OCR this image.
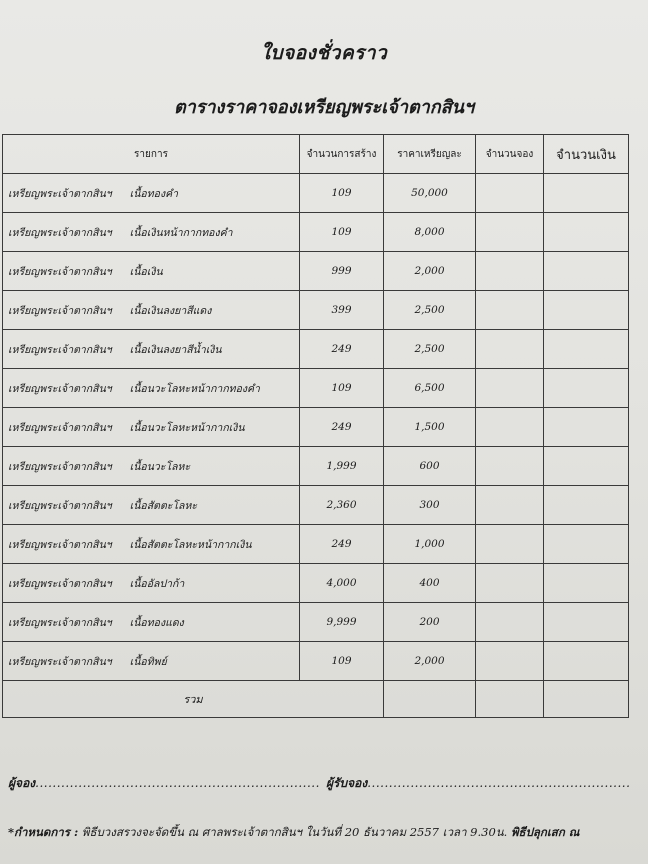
ใบจองชั่วคราว
ตารางราคาจองเหรียญพระเจ้าตากสินฯ
รายการ	จำนวนการสร้าง	ราคาเหรียญละ	จำนวนจอง	จำนวนเงิน
เหรียญพระเจ้าตากสินฯ เนื้อทองคำ	109	50,000		
เหรียญพระเจ้าตากสินฯ เนื้อเงินหน้ากากทองคำ	109	8,000		
เหรียญพระเจ้าตากสินฯ เนื้อเงิน	999	2,000		
เหรียญพระเจ้าตากสินฯ เนื้อเงินลงยาสีแดง	399	2,500		
เหรียญพระเจ้าตากสินฯ เนื้อเงินลงยาสีน้ำเงิน	249	2,500		
เหรียญพระเจ้าตากสินฯ เนื้อนวะโลหะหน้ากากทองคำ	109	6,500		
เหรียญพระเจ้าตากสินฯ เนื้อนวะโลหะหน้ากากเงิน	249	1,500		
เหรียญพระเจ้าตากสินฯ เนื้อนวะโลหะ	1,999	600		
เหรียญพระเจ้าตากสินฯ เนื้อสัตตะโลหะ	2,360	300		
เหรียญพระเจ้าตากสินฯ เนื้อสัตตะโลหะหน้ากากเงิน	249	1,000		
เหรียญพระเจ้าตากสินฯ เนื้ออัลปาก้า	4,000	400		
เหรียญพระเจ้าตากสินฯ เนื้อทองแดง	9,999	200		
เหรียญพระเจ้าตากสินฯ เนื้อทิพย์	109	2,000		
รวม				
ผู้จอง.................................................................. ผู้รับจอง.............................................................
*กำหนดการ : พิธีบวงสรวงจะจัดขึ้น ณ ศาลพระเจ้าตากสินฯ ในวันที่ 20 ธันวาคม 2557 เวลา 9.30น. พิธีปลุกเสก ณ
